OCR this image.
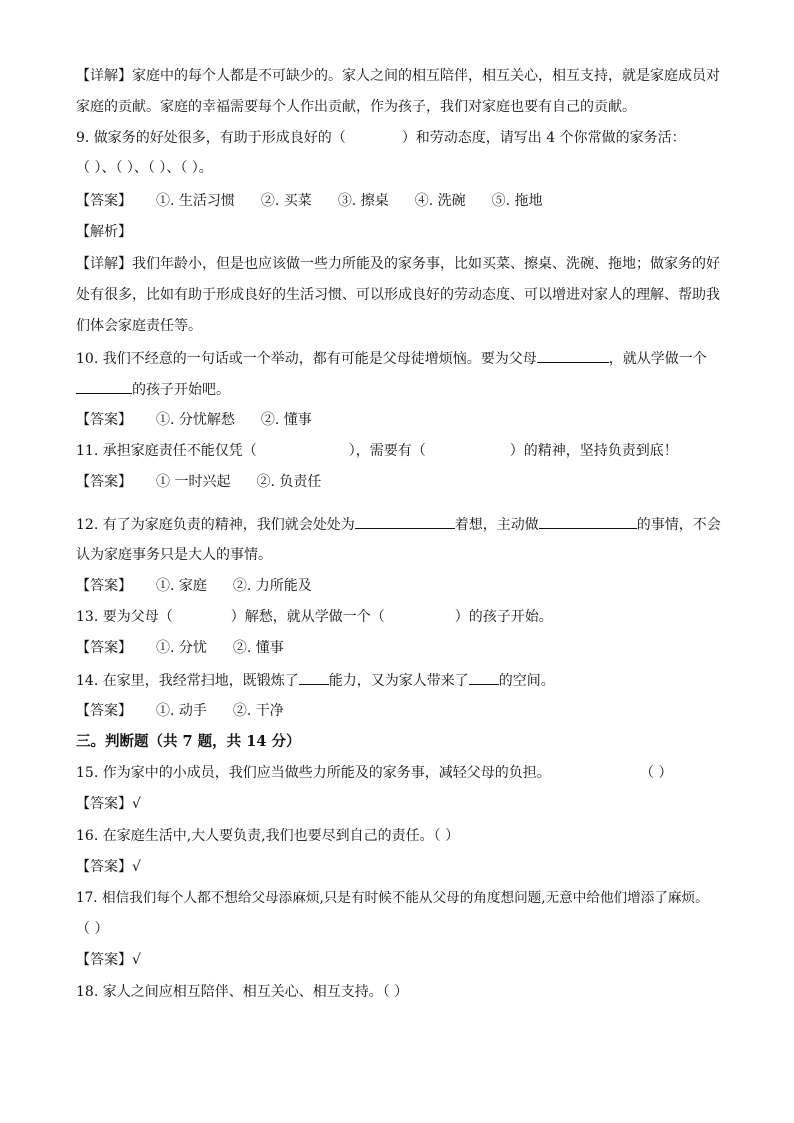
【详解】家庭中的每个人都是不可缺少的。家人之间的相互陪伴，相互关心，相互支持，就是家庭成员对
家庭的贡献。家庭的幸福需要每个人作出贡献，作为孩子，我们对家庭也要有自己的贡献。
9. 做家务的好处很多，有助于形成良好的（	）和劳动态度，请写出 4 个你常做的家务活：
（ ）、（ ）、（ ）、（ ）。
【答案】 ①. 生活习惯 ②. 买菜 ③. 擦桌 ④. 洗碗 ⑤. 拖地
【解析】
【详解】我们年龄小，但是也应该做一些力所能及的家务事，比如买菜、擦桌、洗碗、拖地；做家务的好
处有很多，比如有助于形成良好的生活习惯、可以形成良好的劳动态度、可以增进对家人的理解、帮助我
们体会家庭责任等。
10. 我们不经意的一句话或一个举动，都有可能是父母徒增烦恼。要为父母	，就从学做一个
的孩子开始吧。
【答案】 ①. 分忧解愁 ②. 懂事
11. 承担家庭责任不能仅凭（	），需要有（	）的精神，坚持负责到底！
【答案】 ① 一时兴起 ②. 负责任
12. 有了为家庭负责的精神，我们就会处处为	着想，主动做	的事情，不会
认为家庭事务只是大人的事情。
【答案】 ①. 家庭 ②. 力所能及
13. 要为父母（	）解愁，就从学做一个（	）的孩子开始。
【答案】 ①. 分忧 ②. 懂事
14. 在家里，我经常扫地，既锻炼了 能力，又为家人带来了 的空间。
【答案】 ①. 动手 ②. 干净
三。判断题（共 7 题，共 14 分）
15. 作为家中的小成员，我们应当做些力所能及的家务事，减轻父母的负担。	（ ）
【答案】√
16. 在家庭生活中,大人要负责,我们也要尽到自己的责任。（ ）
【答案】√
17. 相信我们每个人都不想给父母添麻烦,只是有时候不能从父母的角度想问题,无意中给他们增添了麻烦。
（ ）
【答案】√
18. 家人之间应相互陪伴、相互关心、相互支持。（ ）
